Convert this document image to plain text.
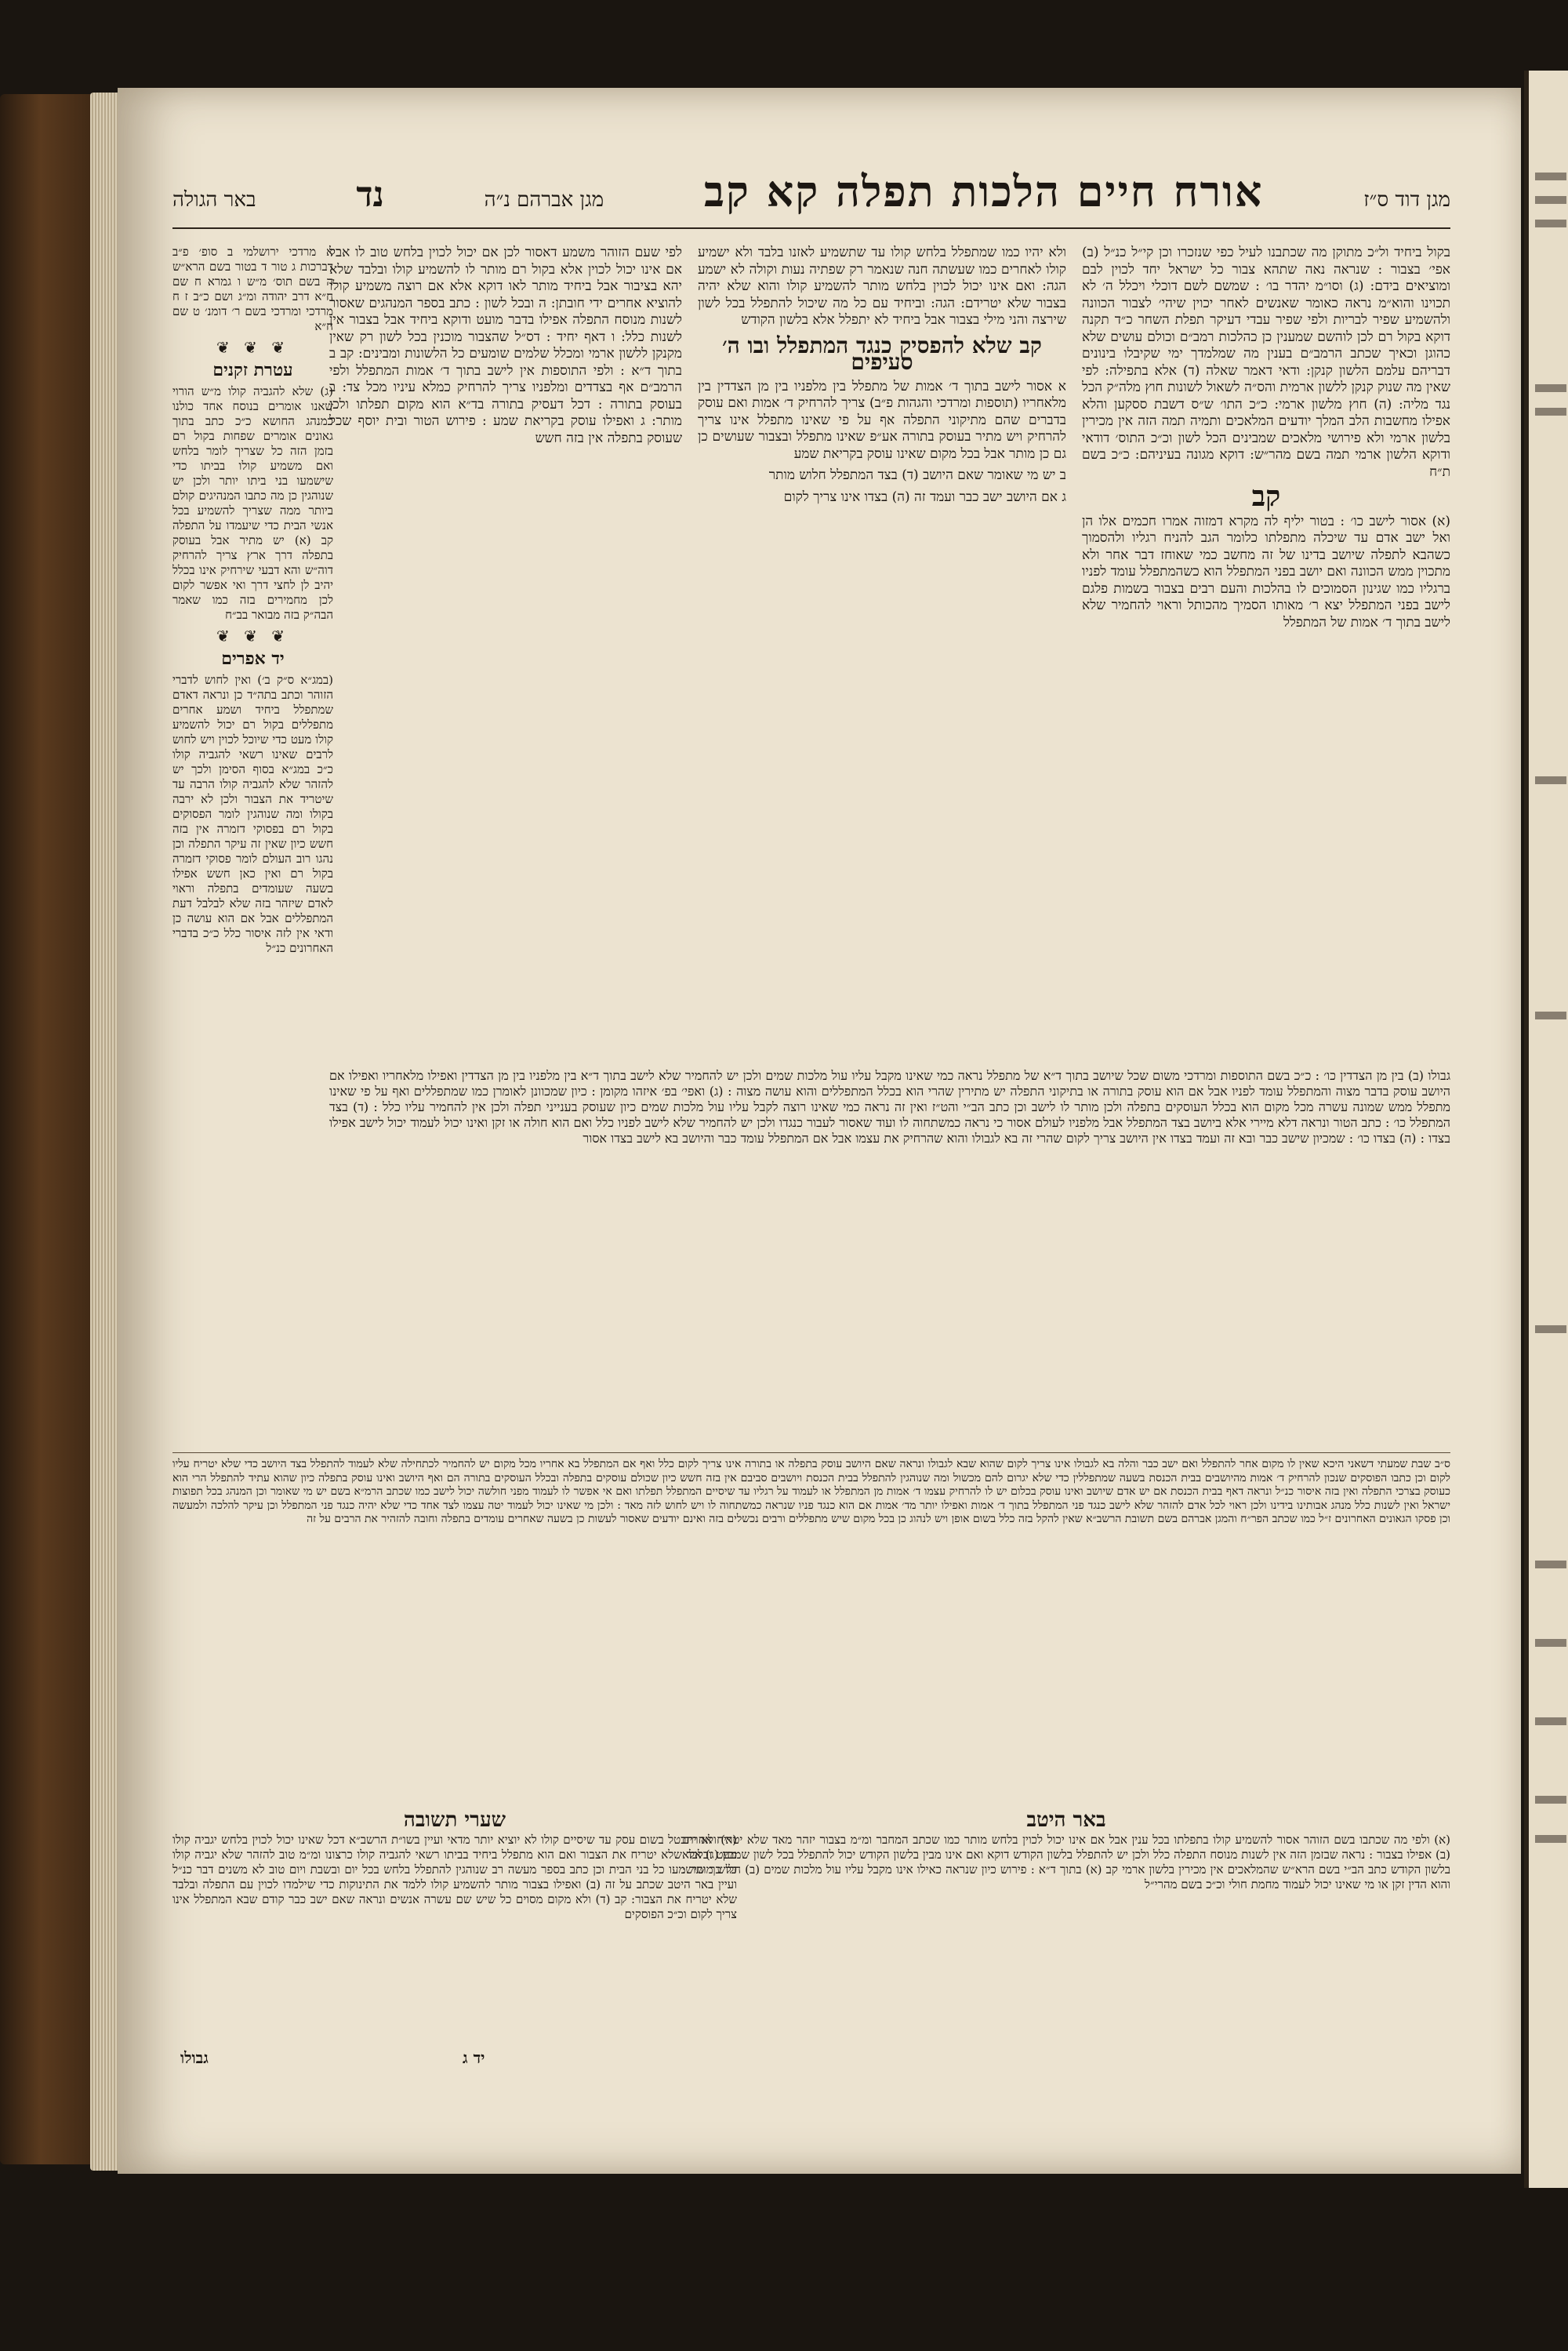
מגן דוד ס״ז
אורח חיים הלכות תפלה קא קב
מגן אברהם נ״ה
נד
באר הגולה
בקול ביחיד ול״כ מתוקן מה שכתבנו לעיל כפי שנזכרו וכן קי״ל כנ״ל (ב) אפי׳ בצבור : שנראה נאה שתהא צבור כל ישראל יחד לכוין לבם ומוציאים בידם: (ג) וסו״מ יהדר בו׳ : שמשם לשם דוכלי ויכלל ה׳ לא תכוינו והוא״מ נראה כאומר שאנשים לאחר יכוין שיהי׳ לצבור הכוונה ולהשמיע שפיר לבריות ולפי שפיר עבדי דעיקר תפלת השחר כ״ד תקנה דוקא בקול רם לכן לוהשם שמענין כן כהלכות רמב״ם וכולם עושים שלא כהוגן וכאיך שכתב הרמב״ם בענין מה שמלמדך ימי שקיבלו בינונים דבריהם עלמם הלשון קנקן: ודאי דאמר שאלה (ד) אלא בתפילה: לפי שאין מה שנוק קנקן ללשון ארמית והס״ה לשאול לשונות חוץ מלה״ק הכל נגד מליה: (ה) חוץ מלשון ארמי: כ״כ התו׳ ש״ס דשבת ססקען והלא אפילו מחשבות הלב המלך יודעים המלאכים ותמיה תמה הזה אין מכירין בלשון ארמי ולא פירושי מלאכים שמבינים הכל לשון וכ״כ התוס׳ דודאי ודוקא הלשון ארמי תמה בשם מהר״ש: דוקא מגונה בעיניהם: כ״כ בשם ת״ח
קב
(א) אסור לישב כו׳ : בטור יליף לה מקרא דמזוה אמרו חכמים אלו הן ואל ישב אדם עד שיכלה מתפלתו כלומר הגב להניח רגליו ולהסמוך כשהבא לתפלה שיושב בדינו של זה מחשב כמי שאוחז דבר אחר ולא מתכוין ממש הכוונה ואם יושב בפני המתפלל הוא כשהמתפלל עומד לפניו ברגליו כמו שגינון הסמוכים לו בהלכות והעם רבים בצבור בשמות פלגם לישב בפני המתפלל יצא ר׳ מאותו הסמיך מהכותל וראוי להחמיר שלא לישב בתוך ד׳ אמות של המתפלל
ולא יהיו כמו שמתפלל בלחש קולו עד שתשמיע לאזנו בלבד ולא ישמיע קולו לאחרים כמו שעשתה חנה שנאמר רק שפתיה נעות וקולה לא ישמע הגה: ואם אינו יכול לכוין בלחש מותר להשמיע קולו והוא שלא יהיה בצבור שלא יטרידם: הגה: וביחיד עם כל מה שיכול להתפלל בכל לשון שירצה והני מילי בצבור אבל ביחיד לא יתפלל אלא בלשון הקודש
קב שלא להפסיק כנגד המתפלל ובו ה׳ סעיפים
א אסור לישב בתוך ד׳ אמות של מתפלל בין מלפניו בין מן הצדדין בין מלאחריו (תוספות ומרדכי והגהות פ״ב) צריך להרחיק ד׳ אמות ואם עוסק בדברים שהם מתיקוני התפלה אף על פי שאינו מתפלל אינו צריך להרחיק ויש מתיר בעוסק בתורה אע״פ שאינו מתפלל ובצבור שעושים כן גם כן מותר אבל בכל מקום שאינו עוסק בקריאת שמע
ב יש מי שאומר שאם היושב (ד) בצד המתפלל חלוש מותר
ג אם היושב ישב כבר ועמד זה (ה) בצדו אינו צריך לקום
לפי שעם הזוהר משמע דאסור לכן אם יכול לכוין בלחש טוב לו אבל אם אינו יכול לכוין אלא בקול רם מותר לו להשמיע קולו ובלבד שלא יהא בציבור אבל ביחיד מותר לאו דוקא אלא אם רוצה משמיע קולו להוציא אחרים ידי חובתן: ה ובכל לשון : כתב בספר המנהגים שאסור לשנות מנוסח התפלה אפילו בדבר מועט ודוקא ביחיד אבל בצבור אין לשנות כלל: ו דאף יחיד : דס״ל שהצבור מוכנין בכל לשון רק שאין מקנקן ללשון ארמי ומכלל שלמים שומעים כל הלשונות ומבינים: קב ב בתוך ד״א : ולפי התוספות אין לישב בתוך ד׳ אמות המתפלל ולפי הרמב״ם אף בצדדים ומלפניו צריך להרחיק כמלא עיניו מכל צד: ב בעוסק בתורה : דכל דעסיק בתורה בד״א הוא מקום תפלתו ולכן מותר: ג ואפילו עוסק בקריאת שמע : פירוש הטור ובית יוסף שכל שעוסק בתפלה אין בזה חשש
גבולו (ב) בין מן הצדדין כו׳ : כ״כ בשם התוספות ומרדכי משום שכל שיושב בתוך ד״א של מתפלל נראה כמי שאינו מקבל עליו עול מלכות שמים ולכן יש להחמיר שלא לישב בתוך ד״א בין מלפניו בין מן הצדדין ואפילו מלאחריו ואפילו אם היושב עוסק בדבר מצוה והמתפלל עומד לפניו אבל אם הוא עוסק בתורה או בתיקוני התפלה יש מתירין שהרי הוא בכלל המתפללים והוא עושה מצוה : (ג) ואפי׳ בפ׳ איזהו מקומן : כיון שמכוונן לאומרן כמו שמתפללים ואף על פי שאינו מתפלל ממש שמונה עשרה מכל מקום הוא בכלל העוסקים בתפלה ולכן מותר לו לישב וכן כתב הב״י והט״ז ואין זה נראה כמי שאינו רוצה לקבל עליו עול מלכות שמים כיון שעוסק בענייני תפלה ולכן אין להחמיר עליו כלל : (ד) בצד המתפלל כו׳ : כתב הטור ונראה דלא מיירי אלא ביושב בצד המתפלל אבל מלפניו לעולם אסור כי נראה כמשתחוה לו ועוד שאסור לעבור כנגדו ולכן יש להחמיר שלא לישב לפניו כלל ואם הוא חולה או זקן ואינו יכול לעמוד יכול לישב אפילו בצדו : (ה) בצדו כו׳ : שמכיון שישב כבר ובא זה ועמד בצדו אין היושב צריך לקום שהרי זה בא לגבולו והוא שהרחיק את עצמו אבל אם המתפלל עומד כבר והיושב בא לישב בצדו אסור
א מרדכי ירושלמי ב סופ׳ פ״ב דברכות ג טור ד בטור בשם הרא״ש ה בשם תוס׳ מ״ש ו גמרא ח שם ח״א דרב יהודה ומ״ג ושם כ״ב ז ח מרדכי ומרדכי בשם ר׳ דומנ׳ ט שם ח״א
❦ ❦ ❦
עטרת זקנים
(ג) שלא להגביה קולו מ״ש הורוי שאנו אומרים בנוסח אחד כולנו כמנהג החושא כ״כ כתב בתוך גאונים אומרים שפחות בקול רם בזמן הזה כל שצריך לומר בלחש ואם משמיע קולו בביתו כדי שישמעו בני ביתו יותר ולכן יש שנוהגין כן מה כתבו המנהיגים קולם ביותר ממה שצריך להשמיע בכל אנשי הבית כדי שיעמדו על התפלה קב (א) יש מתיר אבל בעוסק בתפלה דרך ארץ צריך להרחיק דוה״ש והא דבעי שירחיק אינו בכלל יהיב לן לחצי דרך ואי אפשר לקום לכן מחמירים בזה כמו שאמר הבה״ק בזה מבואר בב״ח
❦ ❦ ❦
יד אפרים
(במג״א ס״ק ב׳) ואין לחוש לדברי הזוהר וכתב בתה״ד כן ונראה דאדם שמתפלל ביחיד ושמע אחרים מתפללים בקול רם יכול להשמיע קולו מעט כדי שיוכל לכוין ויש לחוש לרבים שאינו רשאי להגביה קולו כ״כ במג״א בסוף הסימן ולכך יש להזהר שלא להגביה קולו הרבה עד שיטריד את הצבור ולכן לא ירבה בקולו ומה שנוהגין לומר הפסוקים בקול רם בפסוקי דזמרה אין בזה חשש כיון שאין זה עיקר התפלה וכן נהגו רוב העולם לומר פסוקי דזמרה בקול רם ואין כאן חשש אפילו בשעה שעומדים בתפלה וראוי לאדם שיזהר בזה שלא לבלבל דעת המתפללים אבל אם הוא עושה כן ודאי אין לזה איסור כלל כ״כ בדברי האחרונים כנ״ל
ס״ב שבת שמעתי דשאני היכא שאין לו מקום אחר להתפלל ואם ישב כבר והלה בא לגבולו אינו צריך לקום שהוא שבא לגבולו ונראה שאם היושב עוסק בתפלה או בתורה אינו צריך לקום כלל ואף אם המתפלל בא אחריו מכל מקום יש להחמיר לכתחילה שלא לעמוד להתפלל בצד היושב כדי שלא יטריח עליו לקום וכן כתבו הפוסקים שנכון להרחיק ד׳ אמות מהיושבים בבית הכנסת בשעה שמתפללין כדי שלא יגרום להם מכשול ומה שנוהגין להתפלל בבית הכנסת ויושבים סביבם אין בזה חשש כיון שכולם עוסקים בתפלה ובכלל העוסקים בתורה הם ואף היושב ואינו עוסק בתפלה כיון שהוא עתיד להתפלל הרי הוא כעוסק בצרכי התפלה ואין בזה איסור כנ״ל ונראה דאף בבית הכנסת אם יש אדם שיושב ואינו עוסק בכלום יש לו להרחיק עצמו ד׳ אמות מן המתפלל או לעמוד על רגליו עד שיסיים המתפלל תפלתו ואם אי אפשר לו לעמוד מפני חולשה יכול לישב כמו שכתב הרמ״א בשם יש מי שאומר וכן המנהג בכל תפוצות ישראל ואין לשנות כלל מנהג אבותינו בידינו ולכן ראוי לכל אדם להזהר שלא לישב כנגד פני המתפלל בתוך ד׳ אמות ואפילו יותר מד׳ אמות אם הוא כנגד פניו שנראה כמשתחוה לו ויש לחוש לזה מאד : ולכן מי שאינו יכול לעמוד יטה עצמו לצד אחד כדי שלא יהיה כנגד פני המתפלל וכן עיקר להלכה ולמעשה וכן פסקו הגאונים האחרונים ז״ל כמו שכתב הפר״ח והמגן אברהם בשם תשובת הרשב״א שאין להקל בזה כלל בשום אופן ויש לנהוג כן בכל מקום שיש מתפללים ורבים נכשלים בזה ואינם יודעים שאסור לעשות כן בשעה שאחרים עומדים בתפלה וחובה להזהיר את הרבים על זה
באר היטב
(א) ולפי מה שכתבו בשם הזוהר אסור להשמיע קולו בתפלתו בכל ענין אבל אם אינו יכול לכוין בלחש מותר כמו שכתב המחבר ומ״מ בצבור יזהר מאד שלא יטריח אחרים (ב) אפילו בצבור : נראה שבזמן הזה אין לשנות מנוסח התפלה כלל ולכן יש להתפלל בלשון הקודש דוקא ואם אינו מבין בלשון הקודש יכול להתפלל בכל לשון שמבין (ג) אלא בלשון הקודש כתב הב״י בשם הרא״ש שהמלאכים אין מכירין בלשון ארמי קב (א) בתוך ד״א : פירוש כיון שנראה כאילו אינו מקבל עליו עול מלכות שמים (ב) חלוש מותר : והוא הדין זקן או מי שאינו יכול לעמוד מחמת חולי וכ״כ בשם מהרי״ל
שערי תשובה
(א) ולא יתבטל בשום עסק עד שיסיים קולו לא יוציא יותר מדאי ועיין בשו״ת הרשב״א דכל שאינו יכול לכוין בלחש יגביה קולו מעט ובלבד שלא יטריח את הצבור ואם הוא מתפלל ביחיד בביתו רשאי להגביה קולו כרצונו ומ״מ טוב להזהר שלא יגביה קולו כל כך שישמעו כל בני הבית וכן כתב בספר מעשה רב שנוהגין להתפלל בלחש בכל יום ובשבת ויום טוב לא משנים דבר כנ״ל ועיין באר היטב שכתב על זה (ב) ואפילו בצבור מותר להשמיע קולו ללמד את התינוקות כדי שילמדו לכוין עם התפלה ובלבד שלא יטריח את הצבור: קב (ד) ולא מקום מסוים כל שיש שם עשרה אנשים ונראה שאם ישב כבר קודם שבא המתפלל אינו צריך לקום וכ״כ הפוסקים
גבולו	יד ג
